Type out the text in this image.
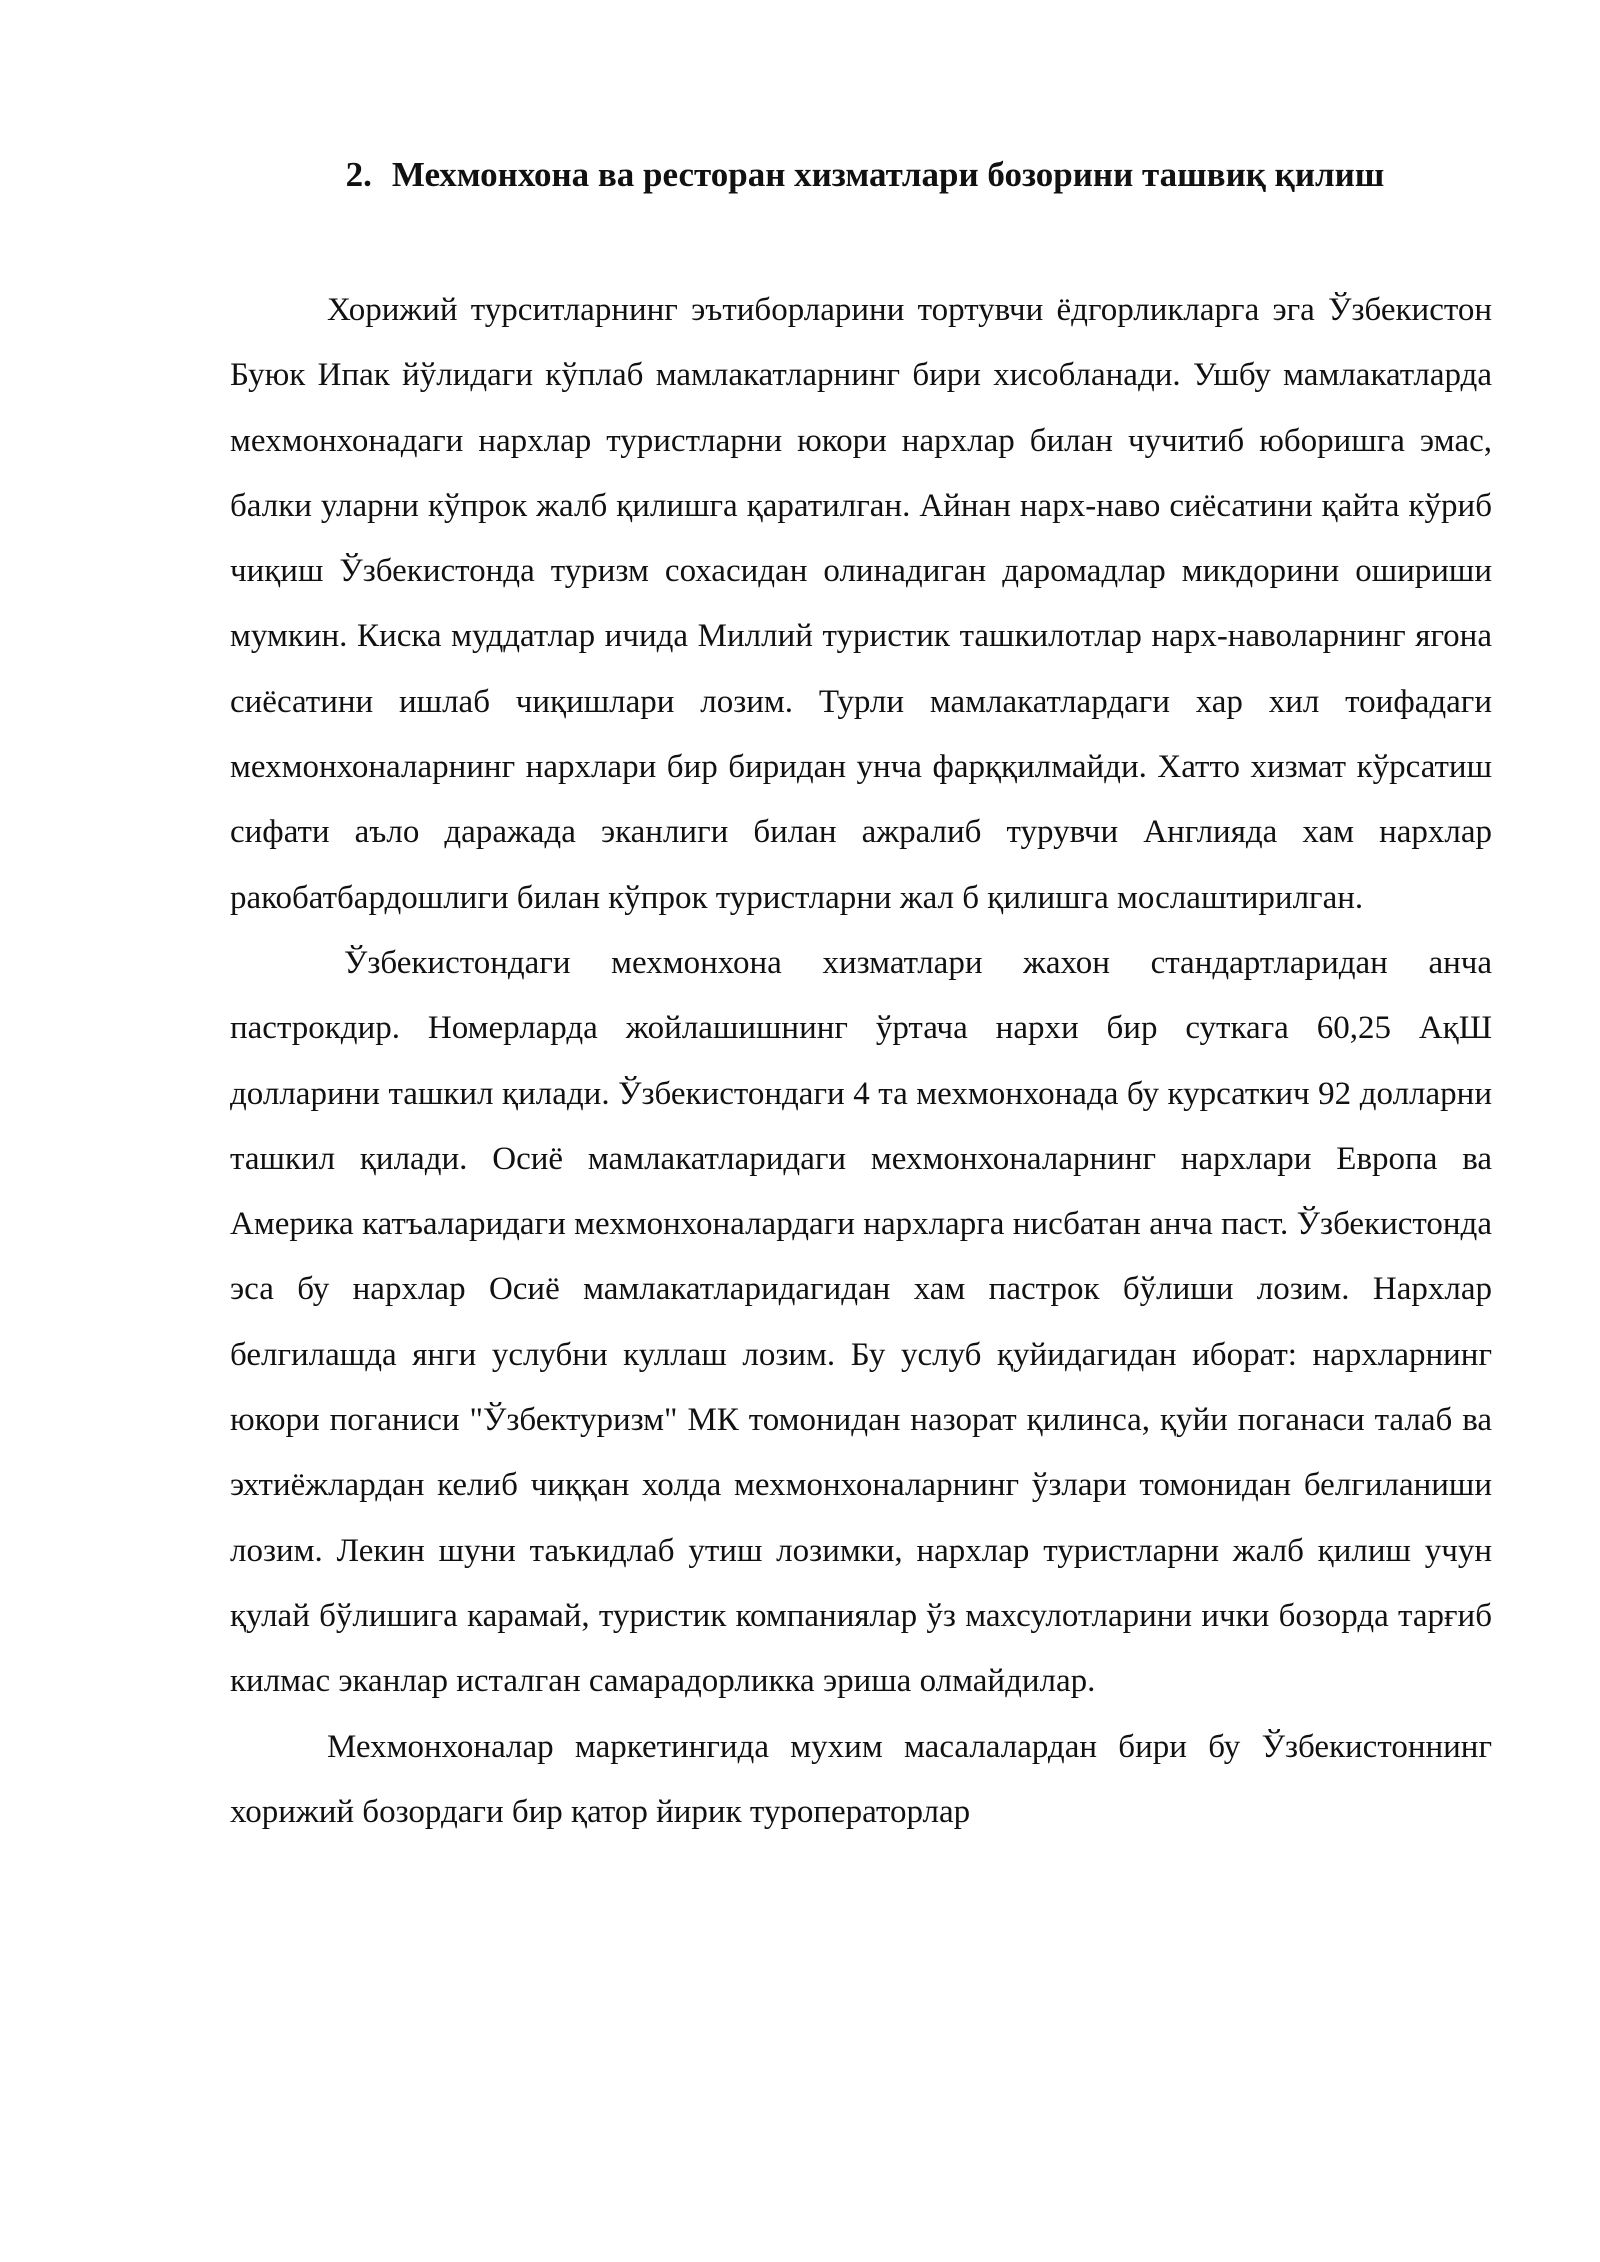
2. Мехмонхона ва ресторан хизматлари бозорини ташвиқ қилиш

Хорижий турситларнинг эътиборларини тортувчи ёдгорликларга эга Ўзбекистон Буюк Ипак йўлидаги кўплаб мамлакатларнинг бири хисобланади. Ушбу мамлакатларда мехмонхонадаги нархлар туристларни юкори нархлар билан чучитиб юборишга эмас, балки уларни кўпрок жалб қилишга қаратилган. Айнан нарх-наво сиёсатини қайта кўриб чиқиш Ўзбекистонда туризм сохасидан олинадиган даромадлар микдорини ошириши мумкин. Киска муддатлар ичида Миллий туристик ташкилотлар нарх-наволарнинг ягона сиёсатини ишлаб чиқишлари лозим. Турли мамлакатлардаги хар хил тоифадаги мехмонхоналарнинг нархлари бир биридан унча фарққилмайди. Хатто хизмат кўрсатиш сифати аъло даражада эканлиги билан ажралиб турувчи Англияда хам нархлар ракобатбардошлиги билан кўпрок туристларни жал б қилишга мослаштирилган.

Ўзбекистондаги мехмонхона хизматлари жахон стандартларидан анча пастрокдир. Номерларда жойлашишнинг ўртача нархи бир суткага 60,25 АқШ долларини ташкил қилади. Ўзбекистондаги 4 та мехмонхонада бу курсаткич 92 долларни ташкил қилади. Осиё мамлакатларидаги мехмонхоналарнинг нархлари Европа ва Америка катъаларидаги мехмонхоналардаги нархларга нисбатан анча паст. Ўзбекистонда эса бу нархлар Осиё мамлакатларидагидан хам пастрок бўлиши лозим. Нархлар белгилашда янги услубни куллаш лозим. Бу услуб қуйидагидан иборат: нархларнинг юкори поганиси "Ўзбектуризм" МК томонидан назорат қилинса, қуйи поганаси талаб ва эхтиёжлардан келиб чиққан холда мехмонхоналарнинг ўзлари томонидан белгиланиши лозим. Лекин шуни таъкидлаб утиш лозимки, нархлар туристларни жалб қилиш учун қулай бўлишига карамай, туристик компаниялар ўз махсулотларини ички бозорда тарғиб килмас эканлар исталган самарадорликка эриша олмайдилар.

Мехмонхоналар маркетингида мухим масалалардан бири бу Ўзбекистоннинг хорижий бозордаги бир қатор йирик туроператорлар
